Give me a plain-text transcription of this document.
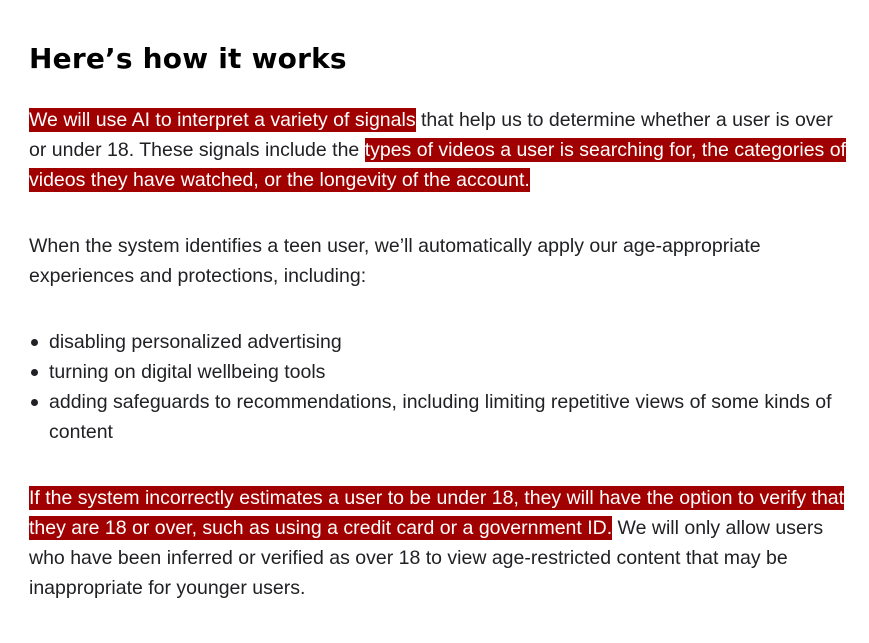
Here’s how it works

We will use AI to interpret a variety of signals that help us to determine whether a user is over or under 18. These signals include the types of videos a user is searching for, the categories of videos they have watched, or the longevity of the account.

When the system identifies a teen user, we’ll automatically apply our age-appropriate experiences and protections, including:

disabling personalized advertising
turning on digital wellbeing tools
adding safeguards to recommendations, including limiting repetitive views of some kinds of content

If the system incorrectly estimates a user to be under 18, they will have the option to verify that they are 18 or over, such as using a credit card or a government ID. We will only allow users who have been inferred or verified as over 18 to view age-restricted content that may be inappropriate for younger users.
